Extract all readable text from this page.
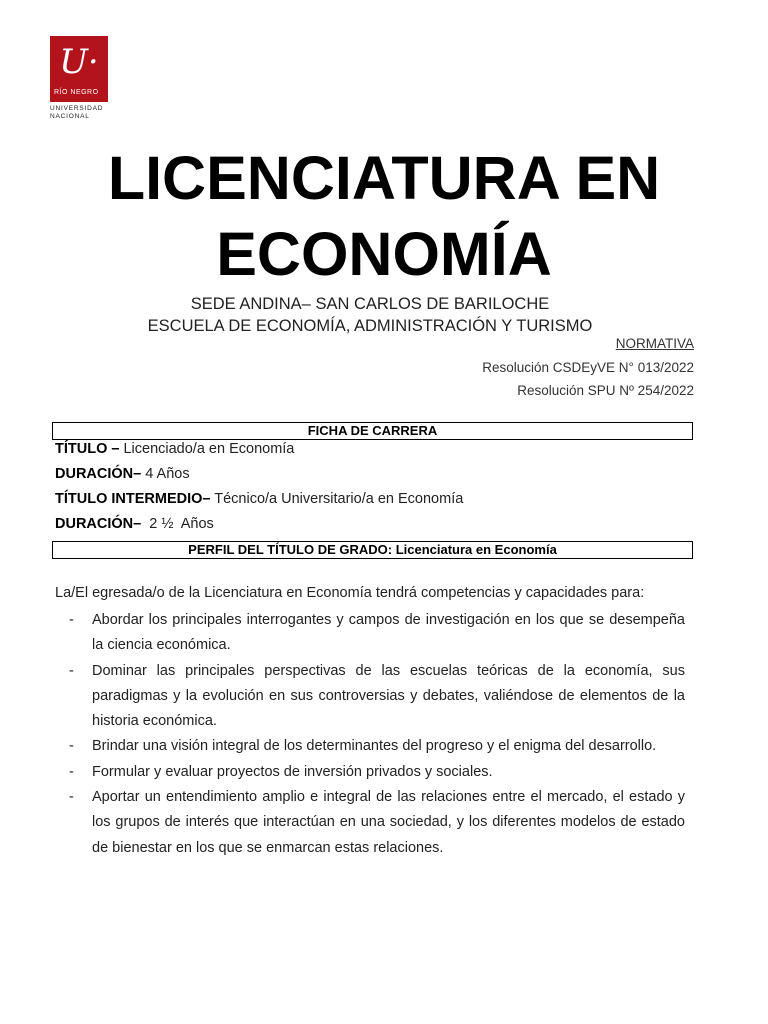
U·
RÍO NEGRO
UNIVERSIDAD
NACIONAL
LICENCIATURA EN
ECONOMÍA
SEDE ANDINA– SAN CARLOS DE BARILOCHE
ESCUELA DE ECONOMÍA, ADMINISTRACIÓN Y TURISMO
NORMATIVA
Resolución CSDEyVE N° 013/2022
Resolución SPU Nº 254/2022
FICHA DE CARRERA
TÍTULO – Licenciado/a en Economía
DURACIÓN– 4 Años
TÍTULO INTERMEDIO– Técnico/a Universitario/a en Economía
DURACIÓN–  2 ½  Años
PERFIL DEL TÍTULO DE GRADO: Licenciatura en Economía
La/El egresada/o de la Licenciatura en Economía tendrá competencias y capacidades para:
- Abordar los principales interrogantes y campos de investigación en los que se desempeña la ciencia económica.
- Dominar las principales perspectivas de las escuelas teóricas de la economía, sus paradigmas y la evolución en sus controversias y debates, valiéndose de elementos de la historia económica.
- Brindar una visión integral de los determinantes del progreso y el enigma del desarrollo.
- Formular y evaluar proyectos de inversión privados y sociales.
- Aportar un entendimiento amplio e integral de las relaciones entre el mercado, el estado y los grupos de interés que interactúan en una sociedad, y los diferentes modelos de estado de bienestar en los que se enmarcan estas relaciones.
